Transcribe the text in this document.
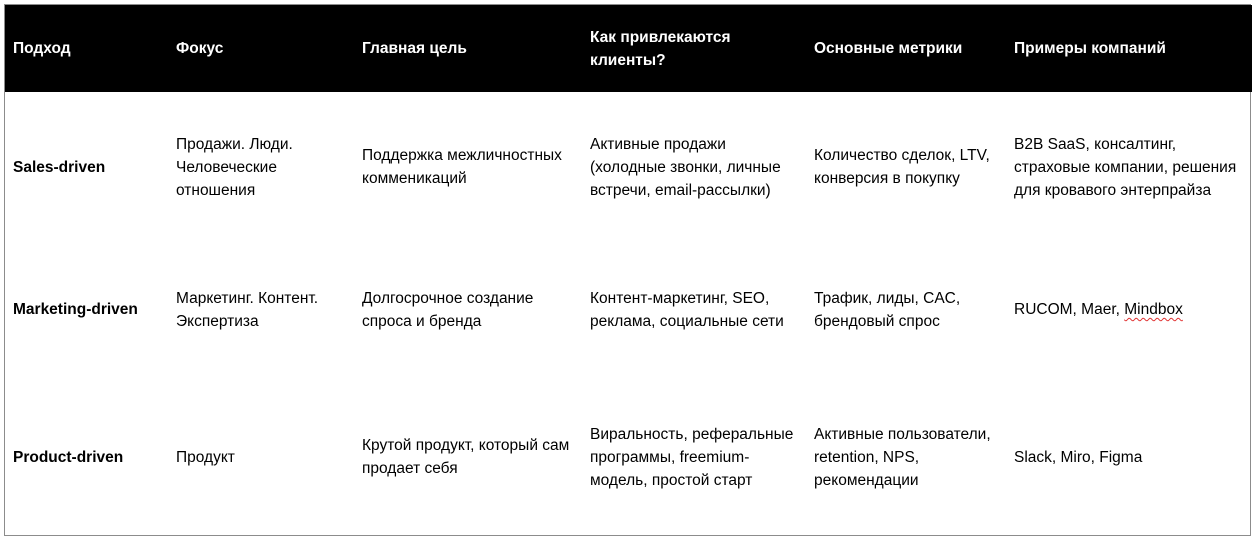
Подход	Фокус	Главная цель	Как привлекаются клиенты?	Основные метрики	Примеры компаний
Sales-driven	Продажи. Люди. Человеческие отношения	Поддержка межличностных комменикаций	Активные продажи (холодные звонки, личные встречи, email-рассылки)	Количество сделок, LTV, конверсия в покупку	B2B SaaS, консалтинг, страховые компании, решения для кровавого энтерпрайза
Marketing-driven	Маркетинг. Контент. Экспертиза	Долгосрочное создание спроса и бренда	Контент-маркетинг, SEO, реклама, социальные сети	Трафик, лиды, CAC, брендовый спрос	RUCOM, Maer, Mindbox
Product-driven	Продукт	Крутой продукт, который сам продает себя	Виральность, реферальные программы, freemium-модель, простой старт	Активные пользователи, retention, NPS, рекомендации	Slack, Miro, Figma
